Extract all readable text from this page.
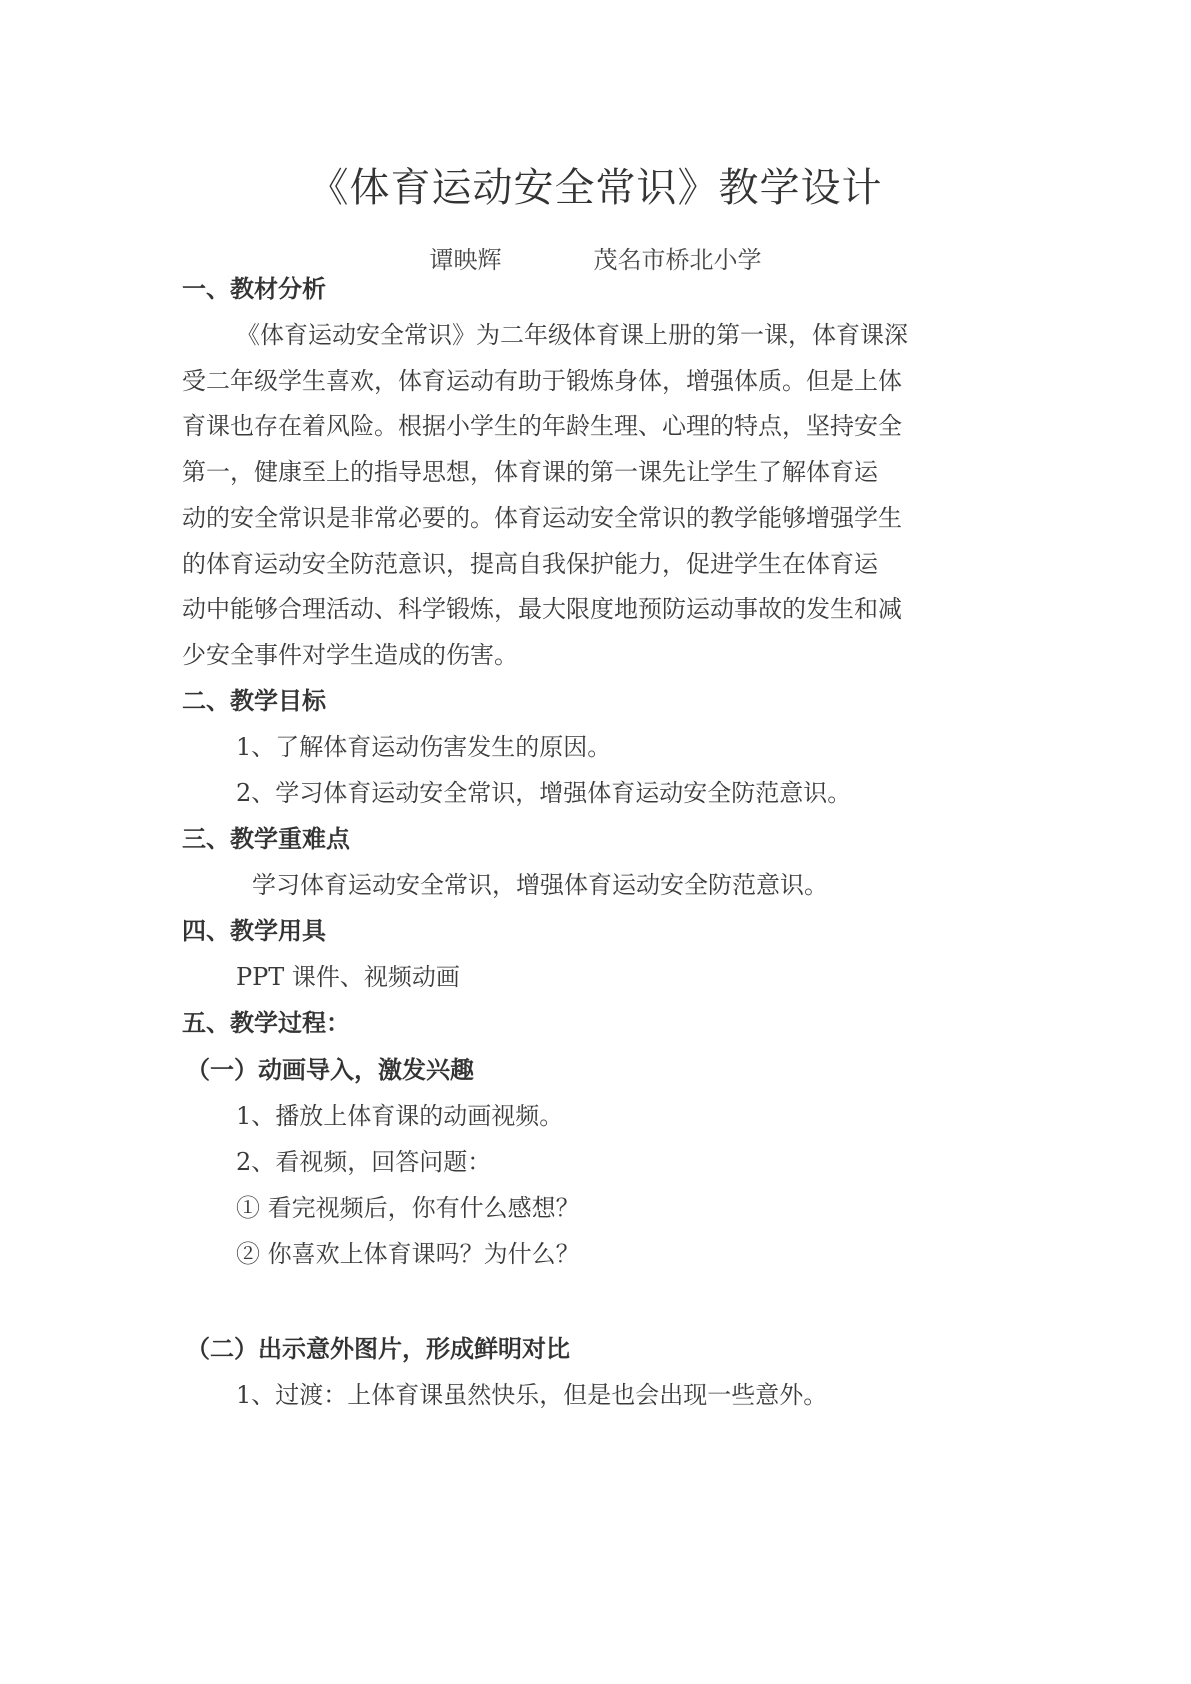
《体育运动安全常识》教学设计
谭映辉	茂名市桥北小学
一、教材分析
《体育运动安全常识》为二年级体育课上册的第一课，体育课深
受二年级学生喜欢，体育运动有助于锻炼身体，增强体质。但是上体
育课也存在着风险。根据小学生的年龄生理、心理的特点，坚持安全
第一，健康至上的指导思想，体育课的第一课先让学生了解体育运
动的安全常识是非常必要的。体育运动安全常识的教学能够增强学生
的体育运动安全防范意识，提高自我保护能力，促进学生在体育运
动中能够合理活动、科学锻炼，最大限度地预防运动事故的发生和减
少安全事件对学生造成的伤害。
二、教学目标
1、了解体育运动伤害发生的原因。
2、学习体育运动安全常识，增强体育运动安全防范意识。
三、教学重难点
学习体育运动安全常识，增强体育运动安全防范意识。
四、教学用具
PPT 课件、视频动画
五、教学过程：
（一）动画导入，激发兴趣
1、播放上体育课的动画视频。
2、看视频，回答问题：
① 看完视频后，你有什么感想？
② 你喜欢上体育课吗？为什么？
（二）出示意外图片，形成鲜明对比
1、过渡：上体育课虽然快乐，但是也会出现一些意外。
